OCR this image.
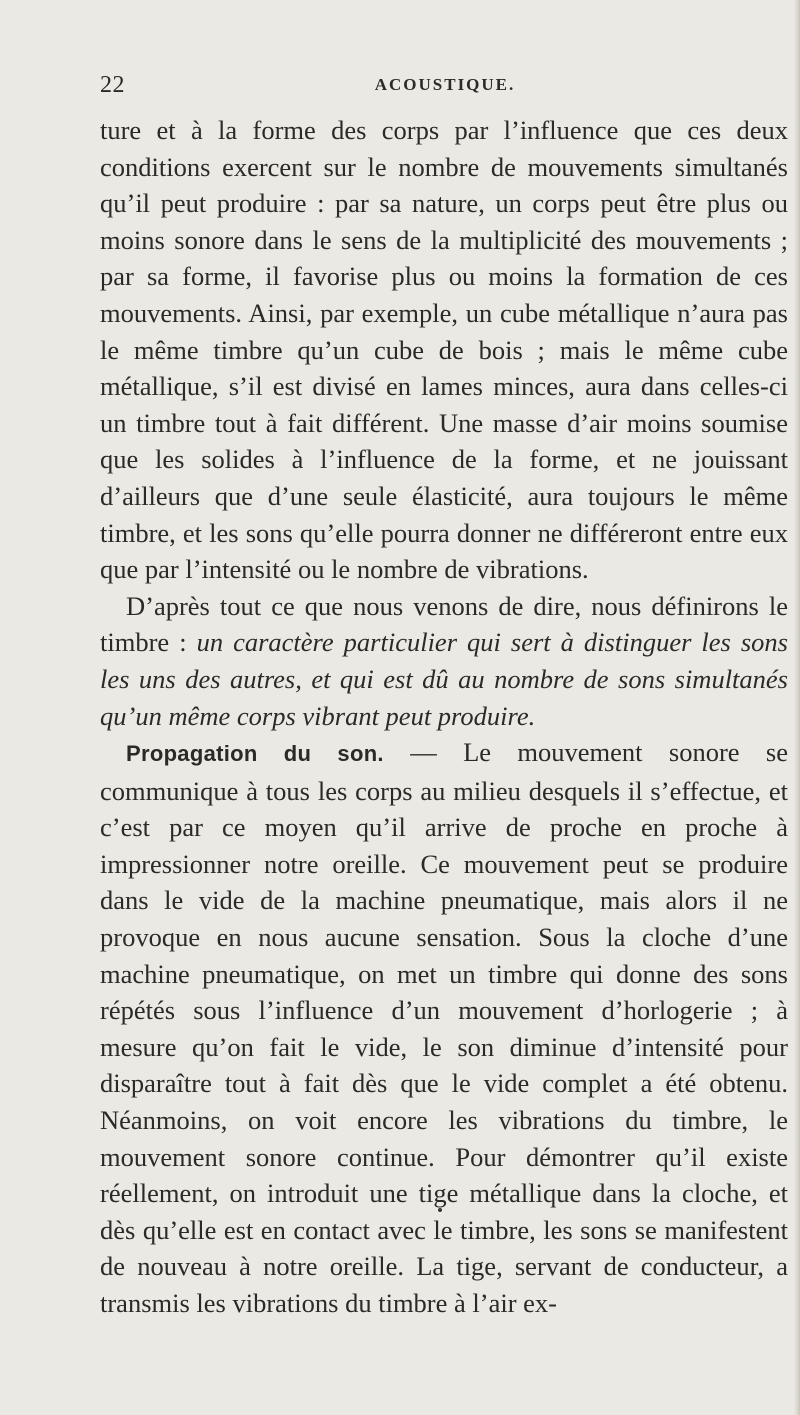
22	ACOUSTIQUE.

ture et à la forme des corps par l’influence que ces deux conditions exercent sur le nombre de mouvements simultanés qu’il peut produire : par sa nature, un corps peut être plus ou moins sonore dans le sens de la multiplicité des mouvements ; par sa forme, il favorise plus ou moins la formation de ces mouvements. Ainsi, par exemple, un cube métallique n’aura pas le même timbre qu’un cube de bois ; mais le même cube métallique, s’il est divisé en lames minces, aura dans celles-ci un timbre tout à fait différent. Une masse d’air moins soumise que les solides à l’influence de la forme, et ne jouissant d’ailleurs que d’une seule élasticité, aura toujours le même timbre, et les sons qu’elle pourra donner ne différeront entre eux que par l’intensité ou le nombre de vibrations.

D’après tout ce que nous venons de dire, nous définirons le timbre : un caractère particulier qui sert à distinguer les sons les uns des autres, et qui est dû au nombre de sons simultanés qu’un même corps vibrant peut produire.

Propagation du son. — Le mouvement sonore se communique à tous les corps au milieu desquels il s’effectue, et c’est par ce moyen qu’il arrive de proche en proche à impressionner notre oreille. Ce mouvement peut se produire dans le vide de la machine pneumatique, mais alors il ne provoque en nous aucune sensation. Sous la cloche d’une machine pneumatique, on met un timbre qui donne des sons répétés sous l’influence d’un mouvement d’horlogerie ; à mesure qu’on fait le vide, le son diminue d’intensité pour disparaître tout à fait dès que le vide complet a été obtenu. Néanmoins, on voit encore les vibrations du timbre, le mouvement sonore continue. Pour démontrer qu’il existe réellement, on introduit une tige métallique dans la cloche, et dès qu’elle est en contact avec le timbre, les sons se manifestent de nouveau à notre oreille. La tige, servant de conducteur, a transmis les vibrations du timbre à l’air ex-
